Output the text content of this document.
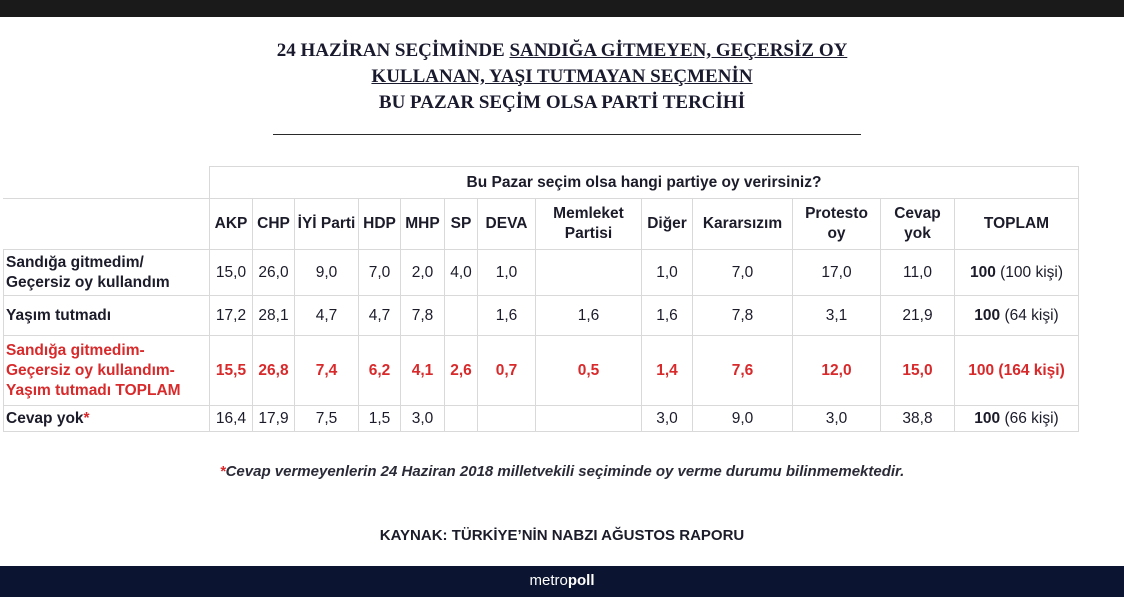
24 HAZİRAN SEÇİMİNDE SANDIĞA GİTMEYEN, GEÇERSİZ OY
KULLANAN, YAŞI TUTMAYAN SEÇMENİN
BU PAZAR SEÇİM OLSA PARTİ TERCİHİ
	Bu Pazar seçim olsa hangi partiye oy verirsiniz?												
	AKP	CHP	İYİ Parti	HDP	MHP	SP	DEVA	Memleket Partisi	Diğer	Kararsızım	Protesto oy	Cevap yok	TOPLAM
Sandığa gitmedim/ Geçersiz oy kullandım	15,0	26,0	9,0	7,0	2,0	4,0	1,0		1,0	7,0	17,0	11,0	100 (100 kişi)
Yaşım tutmadı	17,2	28,1	4,7	4,7	7,8		1,6	1,6	1,6	7,8	3,1	21,9	100 (64 kişi)
Sandığa gitmedim- Geçersiz oy kullandım- Yaşım tutmadı TOPLAM	15,5	26,8	7,4	6,2	4,1	2,6	0,7	0,5	1,4	7,6	12,0	15,0	100 (164 kişi)
Cevap yok*	16,4	17,9	7,5	1,5	3,0				3,0	9,0	3,0	38,8	100 (66 kişi)
*Cevap vermeyenlerin 24 Haziran 2018 milletvekili seçiminde oy verme durumu bilinmemektedir.
KAYNAK: TÜRKİYE’NİN NABZI AĞUSTOS RAPORU
metropoll
